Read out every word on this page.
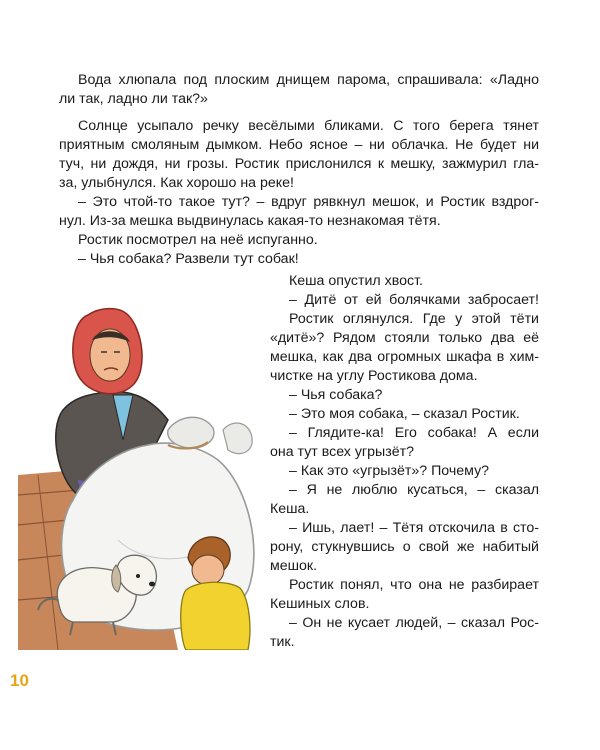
Вода хлюпала под плоским днищем парома, спрашивала: «Ладно
ли так, ладно ли так?»
Солнце усыпало речку весёлыми бликами. С того берега тянет
приятным смоляным дымком. Небо ясное – ни облачка. Не будет ни
туч, ни дождя, ни грозы. Ростик прислонился к мешку, зажмурил гла-
за, улыбнулся. Как хорошо на реке!
– Это чтой-то такое тут? – вдруг рявкнул мешок, и Ростик вздрог-
нул. Из-за мешка выдвинулась какая-то незнакомая тётя.
Ростик посмотрел на неё испуганно.
– Чья собака? Развели тут собак!
Кеша опустил хвост.
– Дитё от ей болячками забросает!
Ростик оглянулся. Где у этой тёти
«дитё»? Рядом стояли только два её
мешка, как два огромных шкафа в хим-
чистке на углу Ростикова дома.
– Чья собака?
– Это моя собака, – сказал Ростик.
– Глядите-ка! Его собака! А если
она тут всех угрызёт?
– Как это «угрызёт»? Почему?
– Я не люблю кусаться, – сказал
Кеша.
– Ишь, лает! – Тётя отскочила в сто-
рону, стукнувшись о свой же набитый
мешок.
Ростик понял, что она не разбирает
Кешиных слов.
– Он не кусает людей, – сказал Рос-
тик.
10
